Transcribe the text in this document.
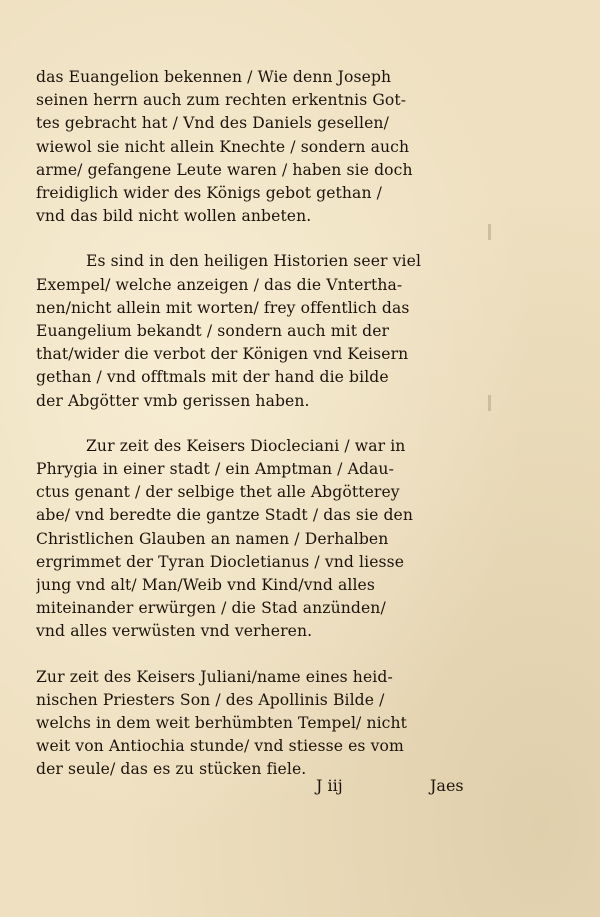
das Euangelion bekennen / Wie denn Joseph
seinen herrn auch zum rechten erkentnis Got-
tes gebracht hat / Vnd des Daniels gesellen/
wiewol sie nicht allein Knechte / sondern auch
arme/ gefangene Leute waren / haben sie doch
freidiglich wider des Königs gebot gethan /
vnd das bild nicht wollen anbeten.

Es sind in den heiligen Historien seer viel
Exempel/ welche anzeigen / das die Vntertha-
nen/nicht allein mit worten/ frey offentlich das
Euangelium bekandt / sondern auch mit der
that/wider die verbot der Königen vnd Keisern
gethan / vnd offtmals mit der hand die bilde
der Abgötter vmb gerissen haben.

Zur zeit des Keisers Diocleciani / war in
Phrygia in einer stadt / ein Amptman / Adau-
ctus genant / der selbige thet alle Abgötterey
abe/ vnd beredte die gantze Stadt / das sie den
Christlichen Glauben an namen / Derhalben
ergrimmet der Tyran Diocletianus / vnd liesse
jung vnd alt/ Man/Weib vnd Kind/vnd alles
miteinander erwürgen / die Stad anzünden/
vnd alles verwüsten vnd verheren.

Zur zeit des Keisers Juliani/name eines heid-
nischen Priesters Son / des Apollinis Bilde /
welchs in dem weit berhümbten Tempel/ nicht
weit von Antiochia stunde/ vnd stiesse es vom
der seule/ das es zu stücken fiele.

J iij	Jaes
